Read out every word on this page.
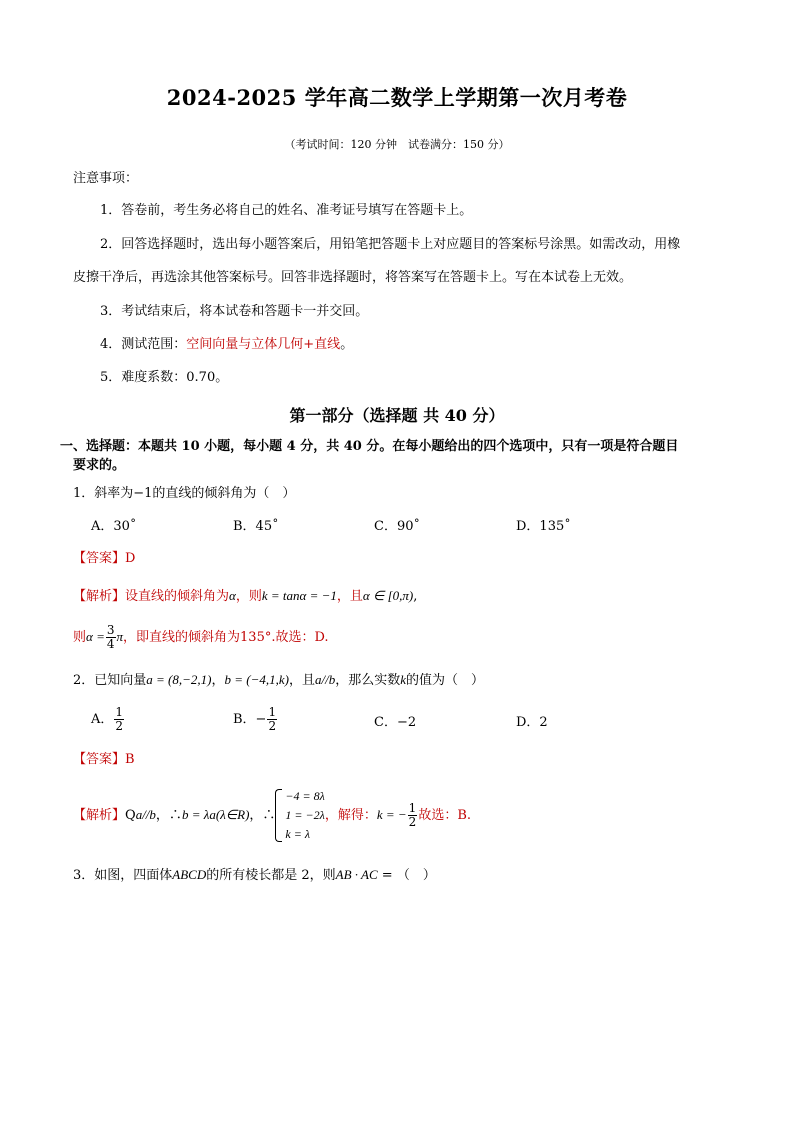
2024-2025 学年高二数学上学期第一次月考卷
（考试时间：120 分钟　试卷满分：150 分）
注意事项：
1．答卷前，考生务必将自己的姓名、准考证号填写在答题卡上。
2．回答选择题时，选出每小题答案后，用铅笔把答题卡上对应题目的答案标号涂黑。如需改动，用橡
皮擦干净后，再选涂其他答案标号。回答非选择题时，将答案写在答题卡上。写在本试卷上无效。
3．考试结束后，将本试卷和答题卡一并交回。
4．测试范围：空间向量与立体几何+直线。
5．难度系数：0.70。
第一部分（选择题 共 40 分）
一、选择题：本题共 10 小题，每小题 4 分，共 40 分。在每小题给出的四个选项中，只有一项是符合题目
要求的。
1．斜率为−1的直线的倾斜角为（　）
A．30˚	B．45˚	C．90˚	D．135˚
【答案】D
【解析】设直线的倾斜角为α，则k = tanα = −1，且α ∈ [0,π),
则$\alpha = \frac{3}{4}$ π，即直线的倾斜角为135°.故选：D.
2．已知向量a = (8,−2,1)，b = (−4,1,k)，且a//b，那么实数k的值为（　）
A． $\frac{1}{2}$	B．− $\frac{1}{2}$	C．−2	D．2
【答案】B
【解析】Qa//b，∴b = λa(λ∈R)，∴
−4 = 8λ
1 = −2λ
k = λ
，解得：k = − $\frac{1}{2}$ 故选：B.
3．如图，四面体ABCD的所有棱长都是 2，则AB · AC = （　）
